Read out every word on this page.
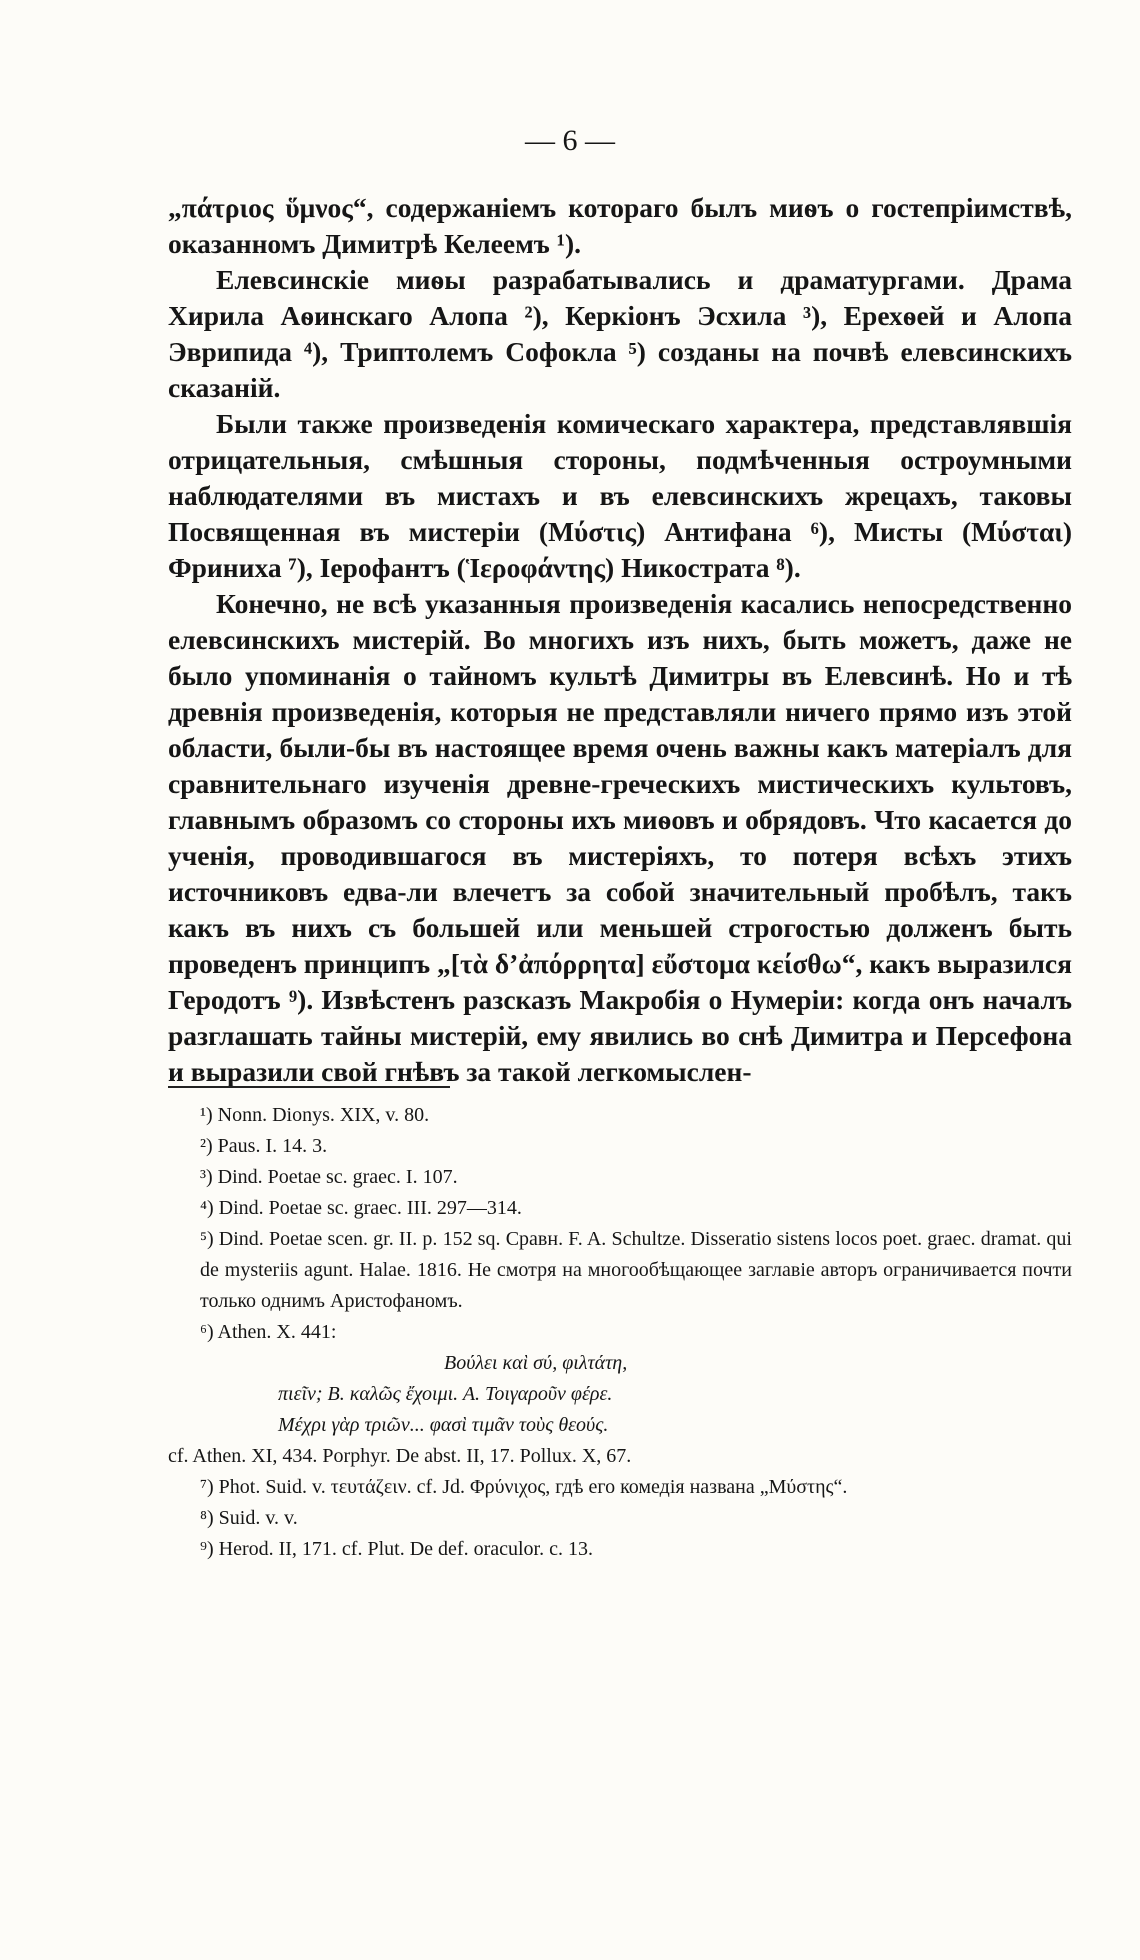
— 6 —

„πάτριος ὕμνος“, содержаніемъ котораго былъ миѳъ о гостепріимствѣ, оказанномъ Димитрѣ Келеемъ ¹).

Елевсинскіе миѳы разрабатывались и драматургами. Драма Хирила Аѳинскаго Алопа ²), Керкіонъ Эсхила ³), Ерехѳей и Алопа Эврипида ⁴), Триптолемъ Софокла ⁵) созданы на почвѣ елевсинскихъ сказаній.

Были также произведенія комическаго характера, представлявшія отрицательныя, смѣшныя стороны, подмѣченныя остроумными наблюдателями въ мистахъ и въ елевсинскихъ жрецахъ, таковы Посвященная въ мистеріи (Μύστις) Антифана ⁶), Мисты (Μύσται) Фриниха ⁷), Іерофантъ (Ἱεροφάντης) Никострата ⁸).

Конечно, не всѣ указанныя произведенія касались непосредственно елевсинскихъ мистерій. Во многихъ изъ нихъ, быть можетъ, даже не было упоминанія о тайномъ культѣ Димитры въ Елевсинѣ. Но и тѣ древнія произведенія, которыя не представляли ничего прямо изъ этой области, были-бы въ настоящее время очень важны какъ матеріалъ для сравнительнаго изученія древне-греческихъ мистическихъ культовъ, главнымъ образомъ со стороны ихъ миѳовъ и обрядовъ. Что касается до ученія, проводившагося въ мистеріяхъ, то потеря всѣхъ этихъ источниковъ едва-ли влечетъ за собой значительный пробѣлъ, такъ какъ въ нихъ съ большей или меньшей строгостью долженъ быть проведенъ принципъ „[τὰ δ’ἀπόρρητα] εὔστομα κείσθω“, какъ выразился Геродотъ ⁹). Извѣстенъ разсказъ Макробія о Нумеріи: когда онъ началъ разглашать тайны мистерій, ему явились во снѣ Димитра и Персефона и выразили свой гнѣвъ за такой легкомыслен-

¹) Nonn. Dionys. XIX, v. 80.

²) Paus. I. 14. 3.

³) Dind. Poetae sc. graec. I. 107.

⁴) Dind. Poetae sc. graec. III. 297—314.

⁵) Dind. Poetae scen. gr. II. p. 152 sq. Сравн. F. A. Schultze. Disseratio sistens locos poet. graec. dramat. qui de mysteriis agunt. Halae. 1816. Не смотря на многообѣщающее заглавіе авторъ ограничивается почти только однимъ Аристофаномъ.

⁶) Athen. X. 441:

Βούλει καὶ σύ, φιλτάτη,

πιεῖν; Β. καλῶς ἔχοιμι. Α. Τοιγαροῦν φέρε.

Μέχρι γὰρ τριῶν... φασὶ τιμᾶν τοὺς θεούς.

cf. Athen. XI, 434. Porphyr. De abst. II, 17. Pollux. X, 67.

⁷) Phot. Suid. v. τευτάζειν. cf. Jd. Φρύνιχος, гдѣ его комедія названа „Μύστης“.

⁸) Suid. v. v.

⁹) Herod. II, 171. cf. Plut. De def. oraculor. c. 13.
